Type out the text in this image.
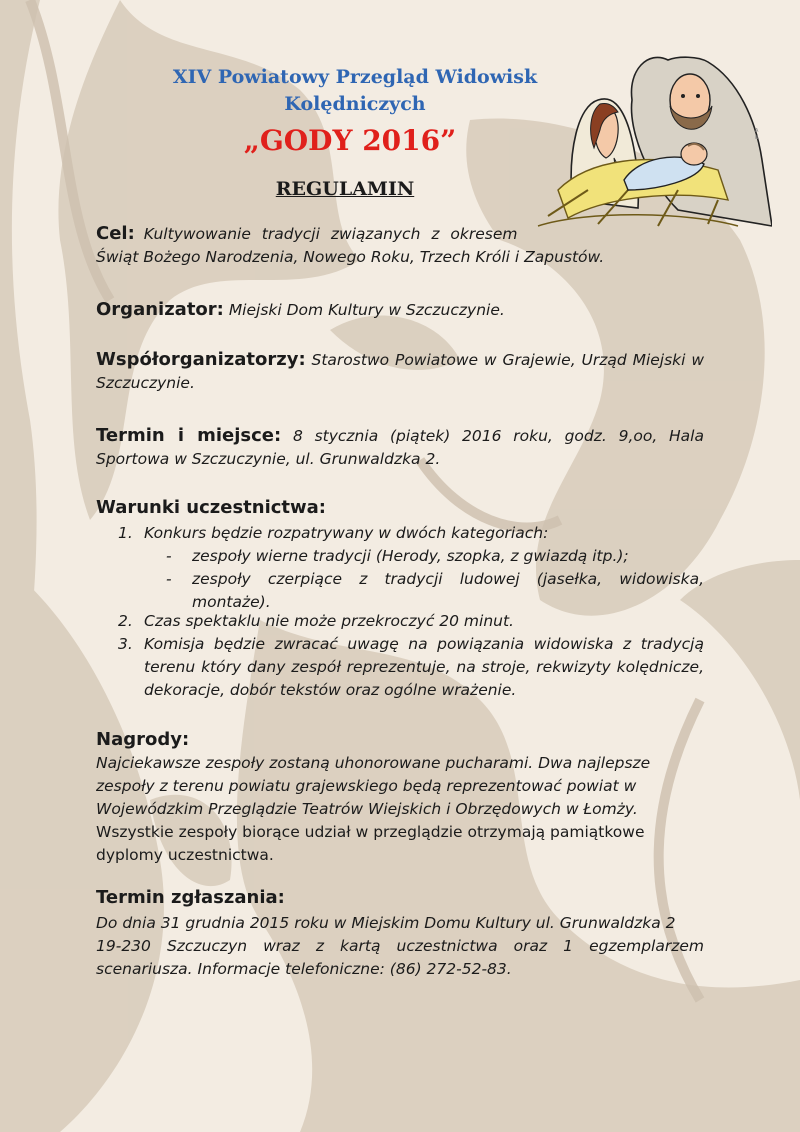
XIV Powiatowy Przegląd Widowisk
Kolędniczych
„GODY 2016”
REGULAMIN
A
B
Cel: Kultywowanie tradycji związanych z okresem
Świąt Bożego Narodzenia, Nowego Roku, Trzech Króli i Zapustów.
Organizator: Miejski Dom Kultury w Szczuczynie.
Współorganizatorzy: Starostwo Powiatowe w Grajewie, Urząd Miejski w Szczuczynie.
Termin i miejsce: 8 stycznia (piątek) 2016 roku, godz. 9,oo, Hala Sportowa w Szczuczynie, ul. Grunwaldzka 2.
Warunki uczestnictwa:
1. Konkurs będzie rozpatrywany w dwóch kategoriach:
- zespoły wierne tradycji (Herody, szopka, z gwiazdą itp.);
- zespoły czerpiące z tradycji ludowej (jasełka, widowiska, montaże).
2. Czas spektaklu nie może przekroczyć 20 minut.
3. Komisja będzie zwracać uwagę na powiązania widowiska z tradycją terenu który dany zespół reprezentuje, na stroje, rekwizyty kolędnicze, dekoracje, dobór tekstów oraz ogólne wrażenie.
Nagrody:
Najciekawsze zespoły zostaną uhonorowane pucharami. Dwa najlepsze zespoły z terenu powiatu grajewskiego będą reprezentować powiat w Wojewódzkim Przeglądzie Teatrów Wiejskich i Obrzędowych w Łomży.
Wszystkie zespoły biorące udział w przeglądzie otrzymają pamiątkowe dyplomy uczestnictwa.
Termin zgłaszania:
Do dnia 31 grudnia 2015 roku w Miejskim Domu Kultury ul. Grunwaldzka 2
19-230 Szczuczyn wraz z kartą uczestnictwa oraz 1 egzemplarzem scenariusza. Informacje telefoniczne: (86) 272-52-83.
